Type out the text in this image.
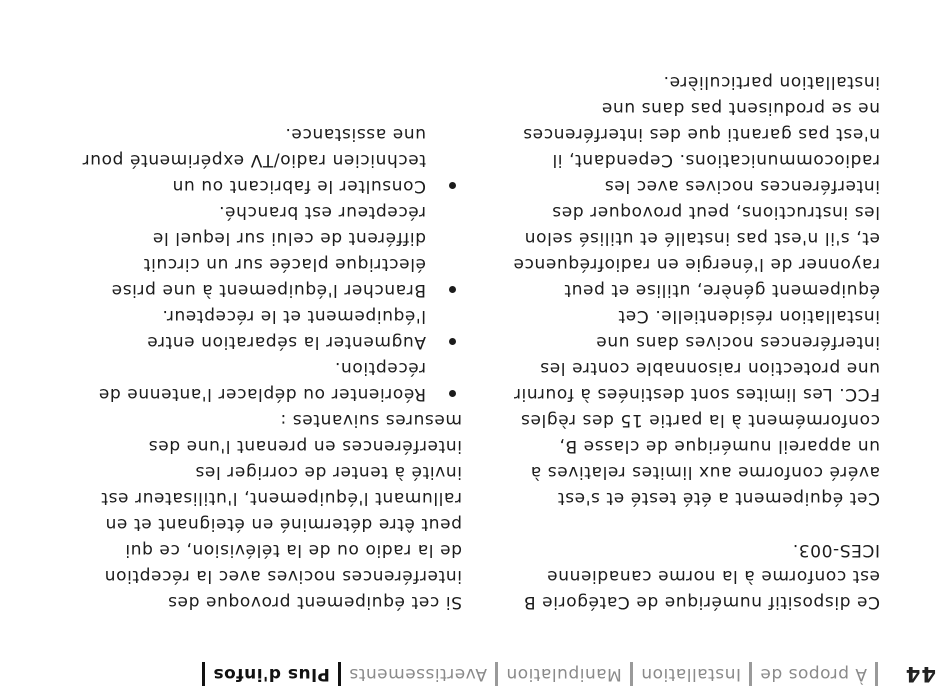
44
À propos de
Installation
Manipulation
Avertissements
Plus d'infos

Ce dispositif numérique de Catégorie B est conforme à la norme canadienne ICES-003.

Cet équipement a été testé et s'est avéré conforme aux limites relatives à un appareil numérique de classe B, conformément à la partie 15 des règles FCC. Les limites sont destinées à fournir une protection raisonnable contre les interférences nocives dans une installation résidentielle. Cet équipement génère, utilise et peut rayonner de l'énergie en radiofréquence et, s'il n'est pas installé et utilisé selon les instructions, peut provoquer des interférences nocives avec les radiocommunications. Cependant, il n'est pas garanti que des interférences ne se produisent pas dans une installation particulière.

Si cet équipement provoque des interférences nocives avec la réception de la radio ou de la télévision, ce qui peut être déterminé en éteignant et en rallumant l'équipement, l'utilisateur est invité à tenter de corriger les interférences en prenant l'une des mesures suivantes :

Réorienter ou déplacer l'antenne de réception.
Augmenter la séparation entre l'équipement et le récepteur.
Brancher l'équipement à une prise électrique placée sur un circuit différent de celui sur lequel le récepteur est branché.
Consulter le fabricant ou un technicien radio/TV expérimenté pour une assistance.
